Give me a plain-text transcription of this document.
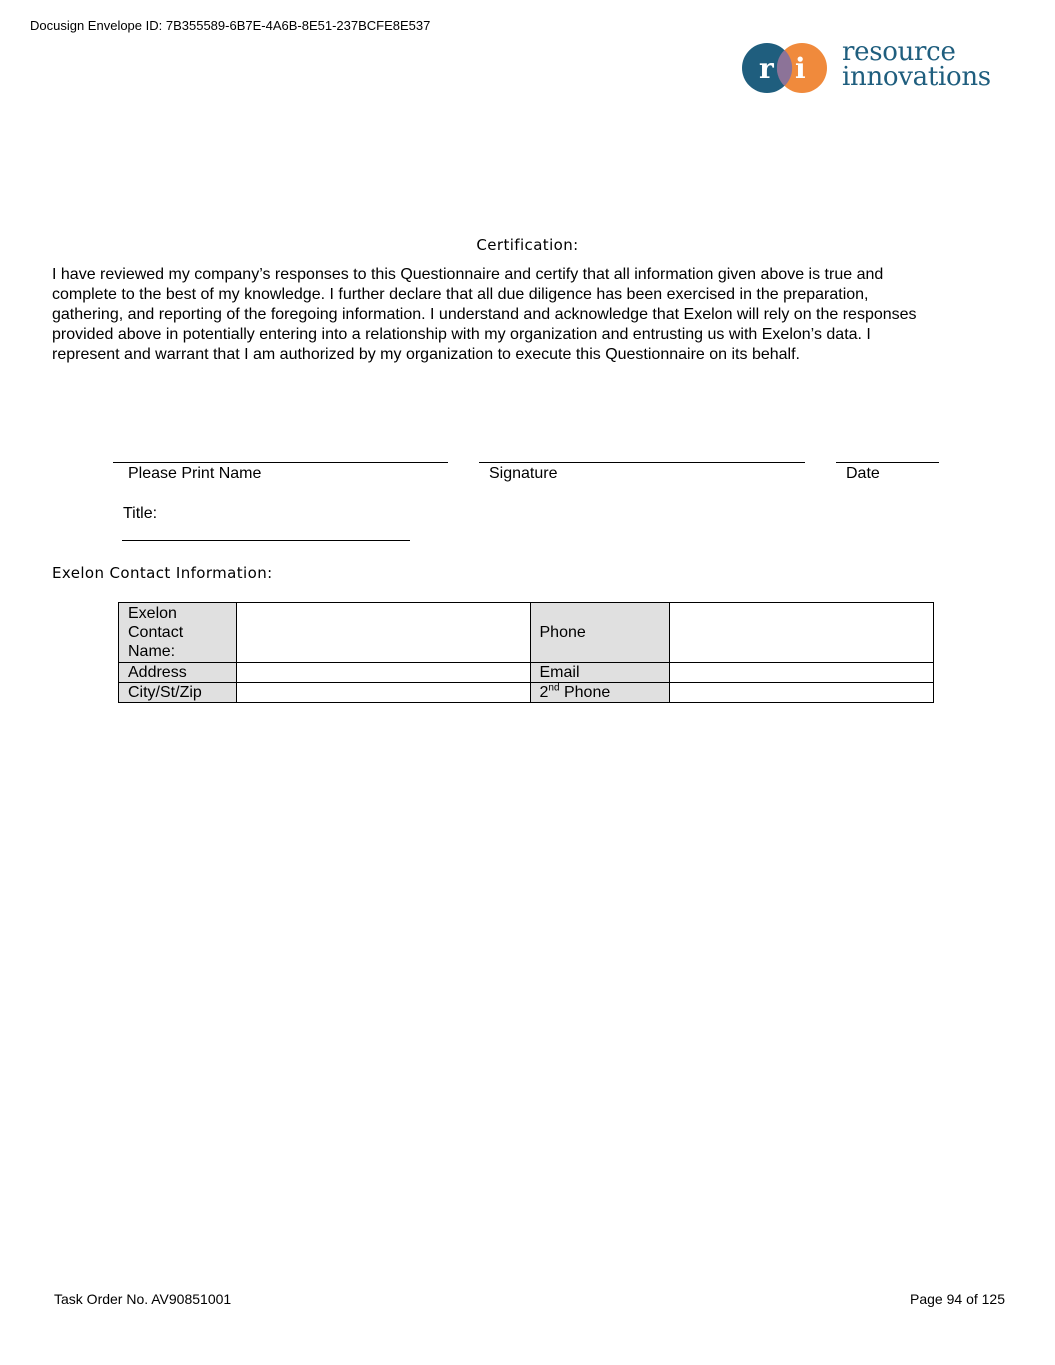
Docusign Envelope ID: 7B355589-6B7E-4A6B-8E51-237BCFE8E537
r i resource
innovations
Certification:
I have reviewed my company’s responses to this Questionnaire and certify that all information given above is true and
complete to the best of my knowledge. I further declare that all due diligence has been exercised in the preparation,
gathering, and reporting of the foregoing information. I understand and acknowledge that Exelon will rely on the responses
provided above in potentially entering into a relationship with my organization and entrusting us with Exelon’s data. I
represent and warrant that I am authorized by my organization to execute this Questionnaire on its behalf.
Please Print Name	Signature	Date
Title:
Exelon Contact Information:
Exelon Contact Name:		Phone	
Address		Email	
City/St/Zip		2nd Phone	
Task Order No. AV90851001	Page 94 of 125
